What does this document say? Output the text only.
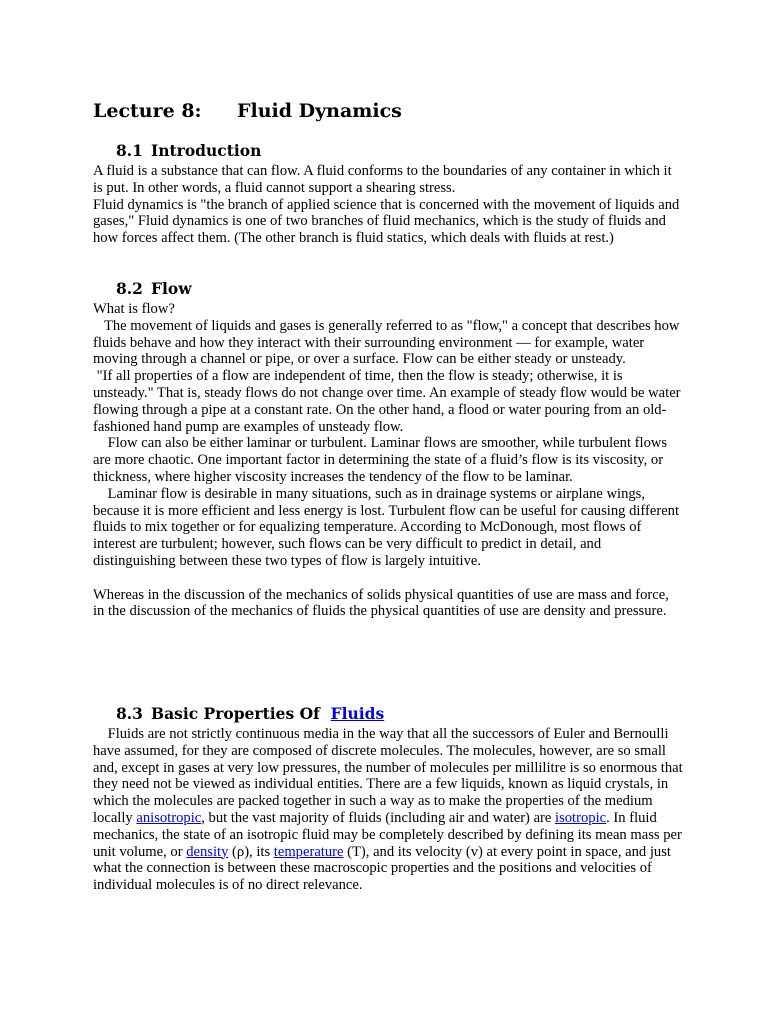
Lecture 8: Fluid Dynamics
8.1 Introduction

A fluid is a substance that can flow. A fluid conforms to the boundaries of any container in which it is put. In other words, a fluid cannot support a shearing stress.

Fluid dynamics is "the branch of applied science that is concerned with the movement of liquids and gases," Fluid dynamics is one of two branches of fluid mechanics, which is the study of fluids and how forces affect them. (The other branch is fluid statics, which deals with fluids at rest.)

8.2 Flow

What is flow?

The movement of liquids and gases is generally referred to as "flow," a concept that describes how fluids behave and how they interact with their surrounding environment — for example, water moving through a channel or pipe, or over a surface. Flow can be either steady or unsteady.

"If all properties of a flow are independent of time, then the flow is steady; otherwise, it is unsteady." That is, steady flows do not change over time. An example of steady flow would be water flowing through a pipe at a constant rate. On the other hand, a flood or water pouring from an old-fashioned hand pump are examples of unsteady flow.

Flow can also be either laminar or turbulent. Laminar flows are smoother, while turbulent flows are more chaotic. One important factor in determining the state of a fluid’s flow is its viscosity, or thickness, where higher viscosity increases the tendency of the flow to be laminar.

Laminar flow is desirable in many situations, such as in drainage systems or airplane wings, because it is more efficient and less energy is lost. Turbulent flow can be useful for causing different fluids to mix together or for equalizing temperature. According to McDonough, most flows of interest are turbulent; however, such flows can be very difficult to predict in detail, and distinguishing between these two types of flow is largely intuitive.

Whereas in the discussion of the mechanics of solids physical quantities of use are mass and force, in the discussion of the mechanics of fluids the physical quantities of use are density and pressure.

8.3 Basic Properties Of Fluids

Fluids are not strictly continuous media in the way that all the successors of Euler and Bernoulli have assumed, for they are composed of discrete molecules. The molecules, however, are so small and, except in gases at very low pressures, the number of molecules per millilitre is so enormous that they need not be viewed as individual entities. There are a few liquids, known as liquid crystals, in which the molecules are packed together in such a way as to make the properties of the medium locally anisotropic, but the vast majority of fluids (including air and water) are isotropic. In fluid mechanics, the state of an isotropic fluid may be completely described by defining its mean mass per unit volume, or density (ρ), its temperature (T), and its velocity (v) at every point in space, and just what the connection is between these macroscopic properties and the positions and velocities of individual molecules is of no direct relevance.
